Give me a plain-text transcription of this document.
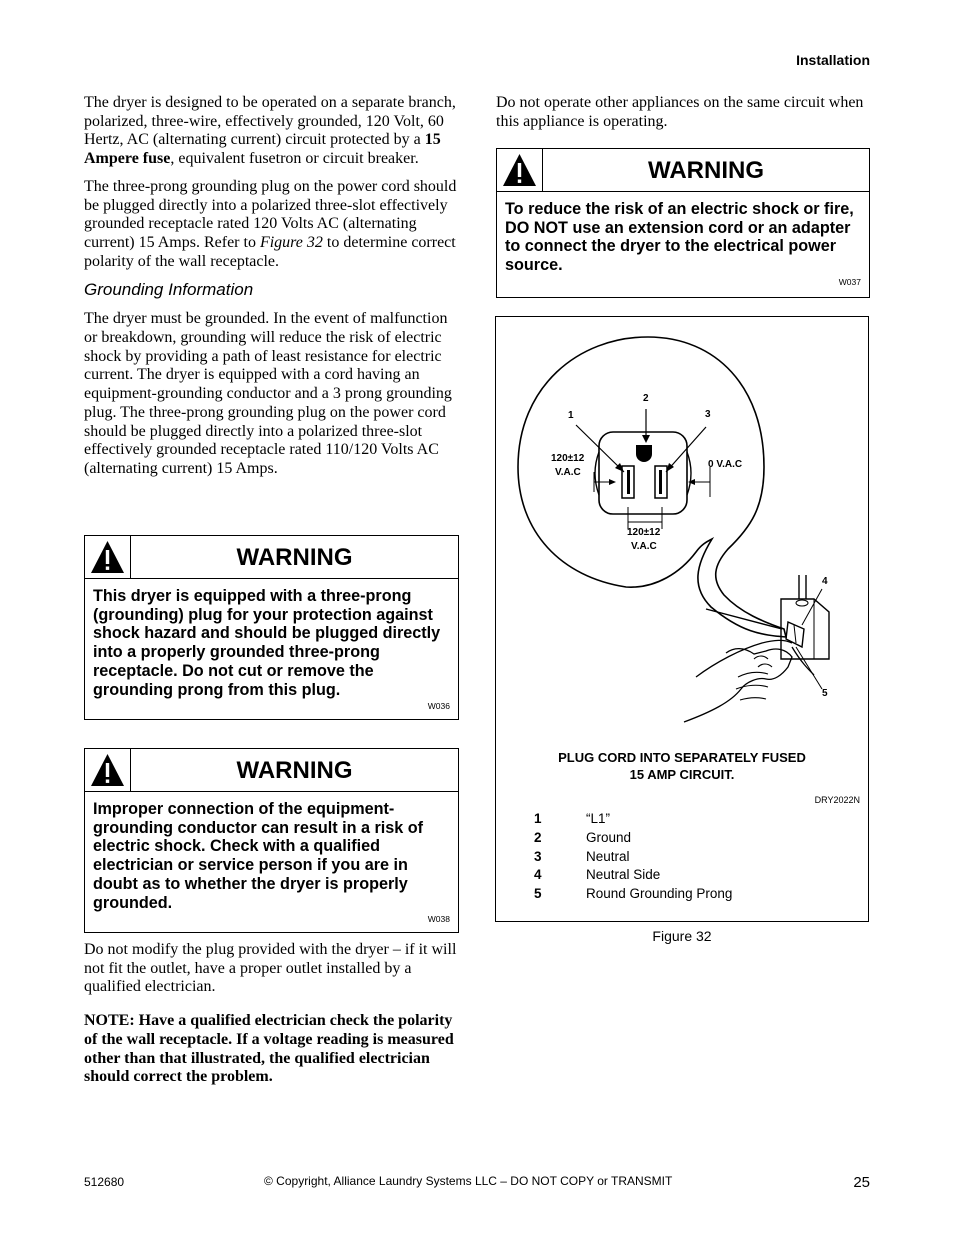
Installation

The dryer is designed to be operated on a separate branch, polarized, three-wire, effectively grounded, 120 Volt, 60 Hertz, AC (alternating current) circuit protected by a 15 Ampere fuse, equivalent fusetron or circuit breaker.

The three-prong grounding plug on the power cord should be plugged directly into a polarized three-slot effectively grounded receptacle rated 120 Volts AC (alternating current) 15 Amps. Refer to Figure 32 to determine correct polarity of the wall receptacle.

Grounding Information

The dryer must be grounded. In the event of malfunction or breakdown, grounding will reduce the risk of electric shock by providing a path of least resistance for electric current. The dryer is equipped with a cord having an equipment-grounding conductor and a 3 prong grounding plug. The three-prong grounding plug on the power cord should be plugged directly into a polarized three-slot effectively grounded receptacle rated 110/120 Volts AC (alternating current) 15 Amps.

WARNING
This dryer is equipped with a three-prong (grounding) plug for your protection against shock hazard and should be plugged directly into a properly grounded three-prong receptacle. Do not cut or remove the grounding prong from this plug.
W036
WARNING
Improper connection of the equipment-grounding conductor can result in a risk of electric shock. Check with a qualified electrician or service person if you are in doubt as to whether the dryer is properly grounded.
W038

Do not modify the plug provided with the dryer – if it will not fit the outlet, have a proper outlet installed by a qualified electrician.

NOTE: Have a qualified electrician check the polarity of the wall receptacle. If a voltage reading is measured other than that illustrated, the qualified electrician should correct the problem.

Do not operate other appliances on the same circuit when this appliance is operating.

WARNING
To reduce the risk of an electric shock or fire, DO NOT use an extension cord or an adapter to connect the dryer to the electrical power source.
W037
1
2
3
4
5
120±12
V.A.C
0 V.A.C
120±12
V.A.C
PLUG CORD INTO SEPARATELY FUSED
15 AMP CIRCUIT.
DRY2022N
1	“L1”
2	Ground
3	Neutral
4	Neutral Side
5	Round Grounding Prong
Figure 32
512680	© Copyright, Alliance Laundry Systems LLC – DO NOT COPY or TRANSMIT	25
